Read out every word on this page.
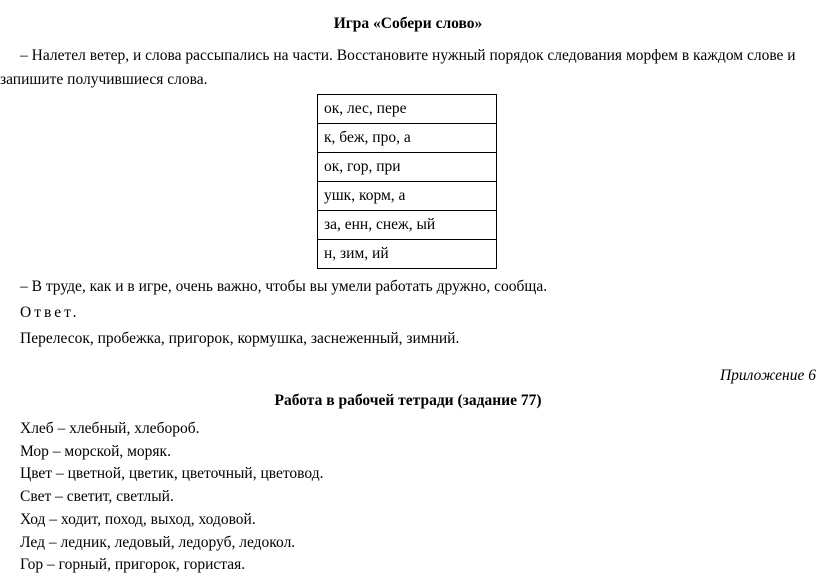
Игра «Собери слово»
– Налетел ветер, и слова рассыпались на части. Восстановите нужный порядок следования морфем в каждом слове и запишите получившиеся слова.
ок, лес, пере
к, беж, про, а
ок, гор, при
ушк, корм, а
за, енн, снеж, ый
н, зим, ий
– В труде, как и в игре, очень важно, чтобы вы умели работать дружно, сообща.
Ответ.
Перелесок, пробежка, пригорок, кормушка, заснеженный, зимний.
Приложение 6
Работа в рабочей тетради (задание 77)
Хлеб – хлебный, хлебороб.
Мор – морской, моряк.
Цвет – цветной, цветик, цветочный, цветовод.
Свет – светит, светлый.
Ход – ходит, поход, выход, ходовой.
Лед – ледник, ледовый, ледоруб, ледокол.
Гор – горный, пригорок, гористая.
